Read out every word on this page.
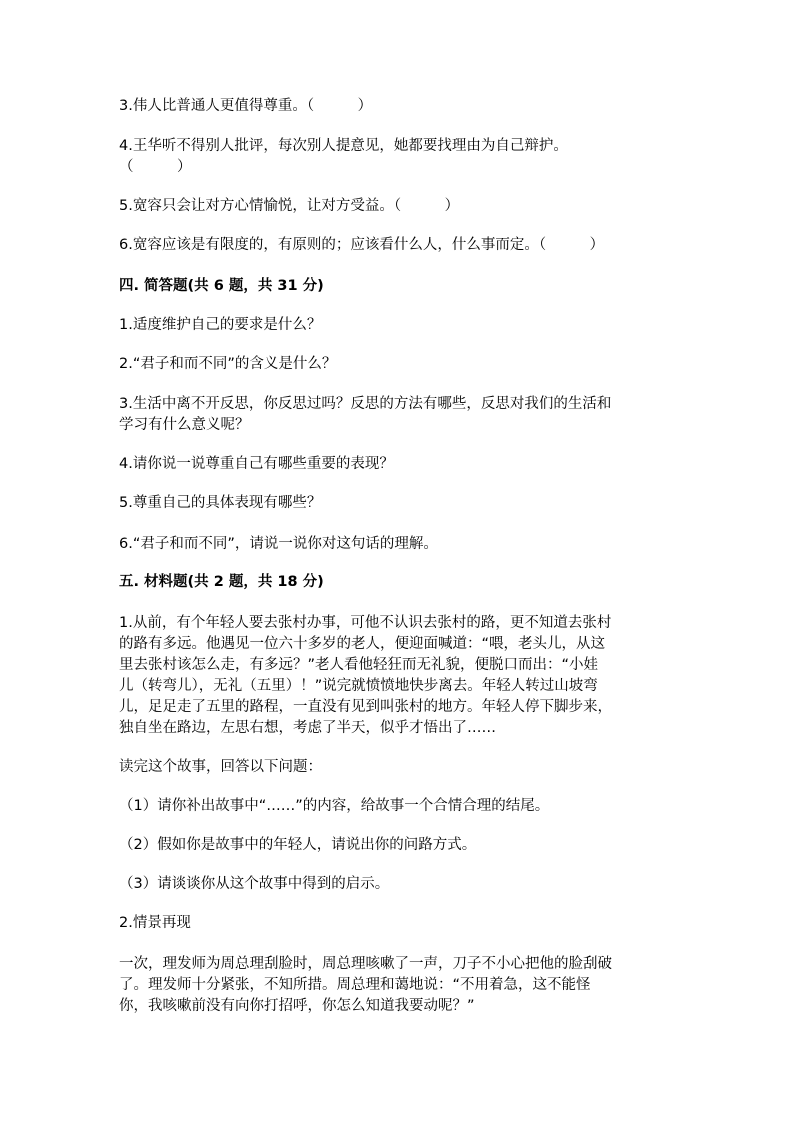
3.伟人比普通人更值得尊重。（　　　）

4.王华听不得别人批评，每次别人提意见，她都要找理由为自己辩护。

（　　　）

5.宽容只会让对方心情愉悦，让对方受益。（　　　）

6.宽容应该是有限度的，有原则的；应该看什么人，什么事而定。（　　　）

四. 简答题(共 6 题，共 31 分)

1.适度维护自己的要求是什么？

2.“君子和而不同”的含义是什么？

3.生活中离不开反思，你反思过吗？反思的方法有哪些，反思对我们的生活和

学习有什么意义呢？

4.请你说一说尊重自己有哪些重要的表现？

5.尊重自己的具体表现有哪些？

6.“君子和而不同”，请说一说你对这句话的理解。

五. 材料题(共 2 题，共 18 分)

1.从前，有个年轻人要去张村办事，可他不认识去张村的路，更不知道去张村

的路有多远。他遇见一位六十多岁的老人，便迎面喊道：“喂，老头儿，从这

里去张村该怎么走，有多远？”老人看他轻狂而无礼貌，便脱口而出：“小娃

儿（转弯儿），无礼（五里）！”说完就愤愤地快步离去。年轻人转过山坡弯

儿，足足走了五里的路程，一直没有见到叫张村的地方。年轻人停下脚步来，

独自坐在路边，左思右想，考虑了半天，似乎才悟出了……

读完这个故事，回答以下问题：

（1）请你补出故事中“……”的内容，给故事一个合情合理的结尾。

（2）假如你是故事中的年轻人，请说出你的问路方式。

（3）请谈谈你从这个故事中得到的启示。

2.情景再现

一次，理发师为周总理刮脸时，周总理咳嗽了一声，刀子不小心把他的脸刮破

了。理发师十分紧张，不知所措。周总理和蔼地说：“不用着急，这不能怪

你，我咳嗽前没有向你打招呼，你怎么知道我要动呢？”
